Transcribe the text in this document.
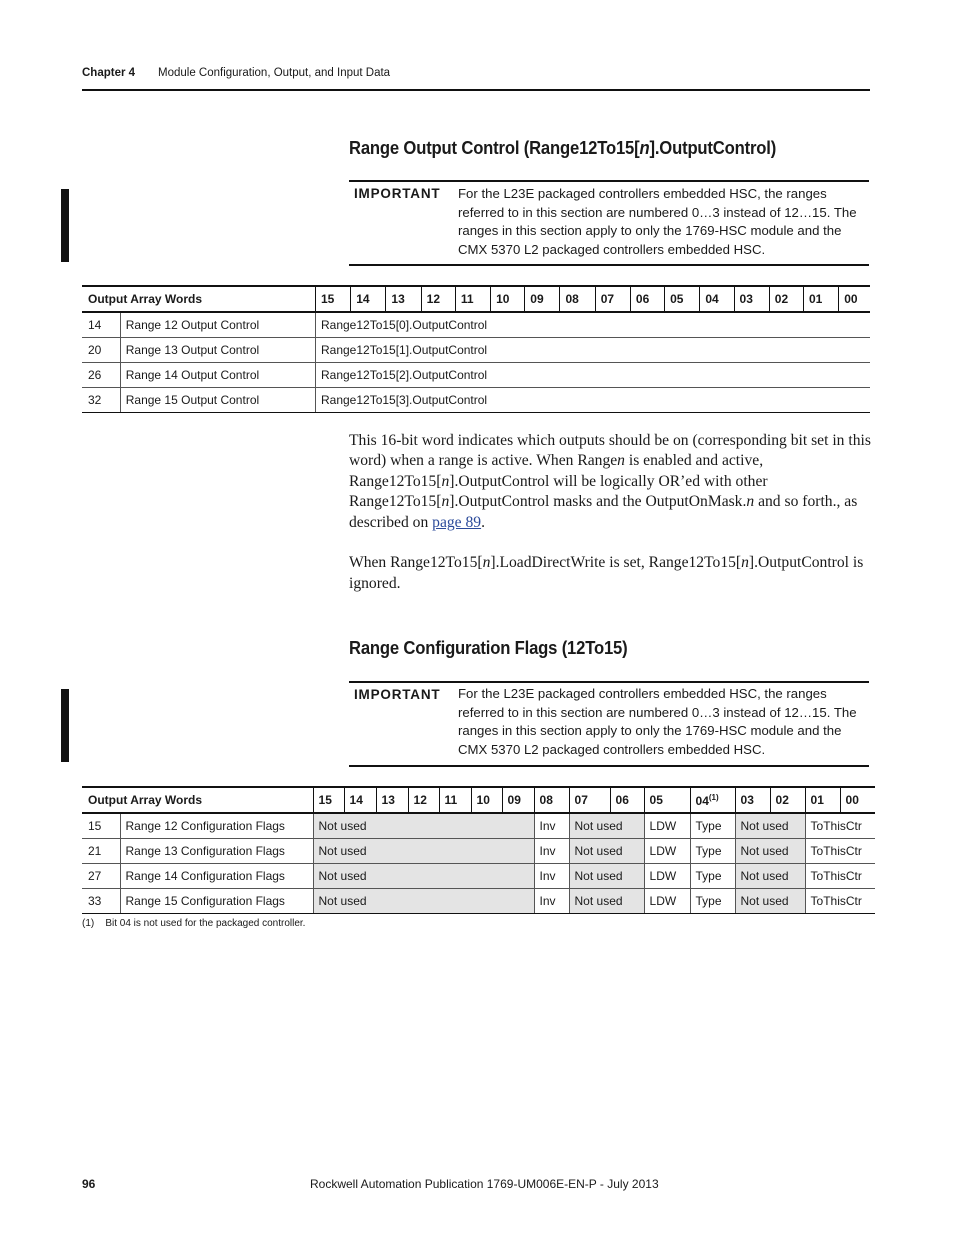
Chapter 4 Module Configuration, Output, and Input Data
Range Output Control (Range12To15[n].OutputControl)
IMPORTANT For the L23E packaged controllers embedded HSC, the ranges referred to in this section are numbered 0…3 instead of 12…15. The ranges in this section apply to only the 1769-HSC module and the CMX 5370 L2 packaged controllers embedded HSC.
Output Array Words		15	14	13	12	11	10	09	08	07	06	05	04	03	02	01	00
14	Range 12 Output Control	Range12To15[0].OutputControl															
20	Range 13 Output Control	Range12To15[1].OutputControl															
26	Range 14 Output Control	Range12To15[2].OutputControl															
32	Range 15 Output Control	Range12To15[3].OutputControl															

This 16-bit word indicates which outputs should be on (corresponding bit set in this word) when a range is active. When Rangen is enabled and active, Range12To15[n].OutputControl will be logically OR’ed with other Range12To15[n].OutputControl masks and the OutputOnMask.n and so forth., as described on page 89.

When Range12To15[n].LoadDirectWrite is set, Range12To15[n].OutputControl is ignored.

Range Configuration Flags (12To15)
IMPORTANT For the L23E packaged controllers embedded HSC, the ranges referred to in this section are numbered 0…3 instead of 12…15. The ranges in this section apply to only the 1769-HSC module and the CMX 5370 L2 packaged controllers embedded HSC.
Output Array Words		15	14	13	12	11	10	09	08	07	06	05	04$^{(1)}$	03	02	01	00
15	Range 12 Configuration Flags	Not used							Inv	Not used		LDW	Type	Not used		ToThisCtr	
21	Range 13 Configuration Flags	Not used							Inv	Not used		LDW	Type	Not used		ToThisCtr	
27	Range 14 Configuration Flags	Not used							Inv	Not used		LDW	Type	Not used		ToThisCtr	
33	Range 15 Configuration Flags	Not used							Inv	Not used		LDW	Type	Not used		ToThisCtr	
(1)    Bit 04 is not used for the packaged controller.
96	Rockwell Automation Publication 1769-UM006E-EN-P - July 2013
